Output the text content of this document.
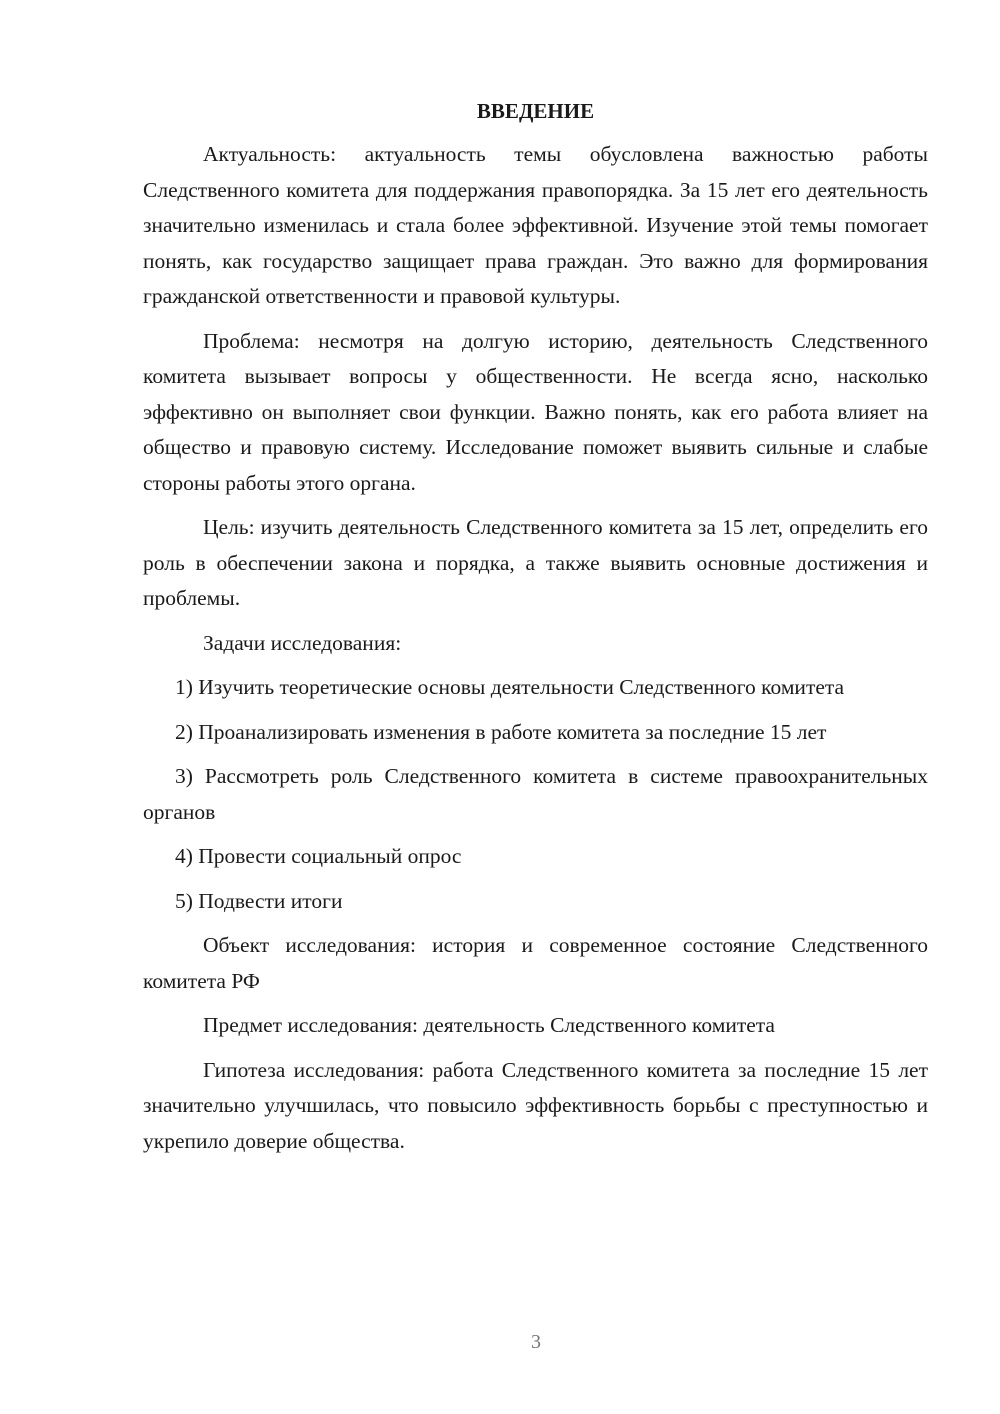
ВВЕДЕНИЕ

Актуальность: актуальность темы обусловлена важностью работы Следственного комитета для поддержания правопорядка. За 15 лет его деятельность значительно изменилась и стала более эффективной. Изучение этой темы помогает понять, как государство защищает права граждан. Это важно для формирования гражданской ответственности и правовой культуры.

Проблема: несмотря на долгую историю, деятельность Следственного комитета вызывает вопросы у общественности. Не всегда ясно, насколько эффективно он выполняет свои функции. Важно понять, как его работа влияет на общество и правовую систему. Исследование поможет выявить сильные и слабые стороны работы этого органа.

Цель: изучить деятельность Следственного комитета за 15 лет, определить его роль в обеспечении закона и порядка, а также выявить основные достижения и проблемы.

Задачи исследования:

1) Изучить теоретические основы деятельности Следственного комитета

2) Проанализировать изменения в работе комитета за последние 15 лет

3) Рассмотреть роль Следственного комитета в системе правоохранительных органов

4) Провести социальный опрос

5) Подвести итоги

Объект исследования: история и современное состояние Следственного комитета РФ

Предмет исследования: деятельность Следственного комитета

Гипотеза исследования: работа Следственного комитета за последние 15 лет значительно улучшилась, что повысило эффективность борьбы с преступностью и укрепило доверие общества.

3
